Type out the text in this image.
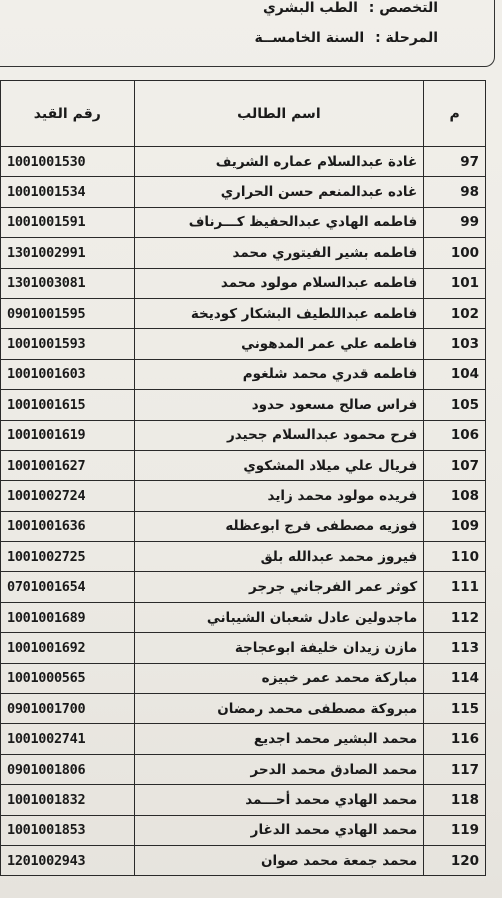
التخصص : الطب البشري
المرحلة : السنة الخامســة
م	اسم الطالب	رقم القيد
97	غادة عبدالسلام عماره الشريف	1001001530
98	غاده عبدالمنعم حسن الحراري	1001001534
99	فاطمه الهادي عبدالحفيظ كـــرناف	1001001591
100	فاطمه بشير الفيتوري محمد	1301002991
101	فاطمه عبدالسلام مولود محمد	1301003081
102	فاطمه عبداللطيف البشكار كوديخة	0901001595
103	فاطمه علي عمر المدهوني	1001001593
104	فاطمه قدري محمد شلغوم	1001001603
105	فراس صالح مسعود حدود	1001001615
106	فرح محمود عبدالسلام جحيدر	1001001619
107	فريال علي ميلاد المشكوي	1001001627
108	فريده مولود محمد زايد	1001002724
109	فوزيه مصطفى فرج ابوعظله	1001001636
110	فيروز محمد عبدالله بلق	1001002725
111	كوثر عمر الفرجاني جرجر	0701001654
112	ماجدولين عادل شعبان الشيباني	1001001689
113	مازن زيدان خليفة ابوعجاجة	1001001692
114	مباركة محمد عمر خبيزه	1001000565
115	مبروكة مصطفى محمد رمضان	0901001700
116	محمد البشير محمد اجديع	1001002741
117	محمد الصادق محمد الدحر	0901001806
118	محمد الهادي محمد أحـــمد	1001001832
119	محمد الهادي محمد الدغار	1001001853
120	محمد جمعة محمد صوان	1201002943
